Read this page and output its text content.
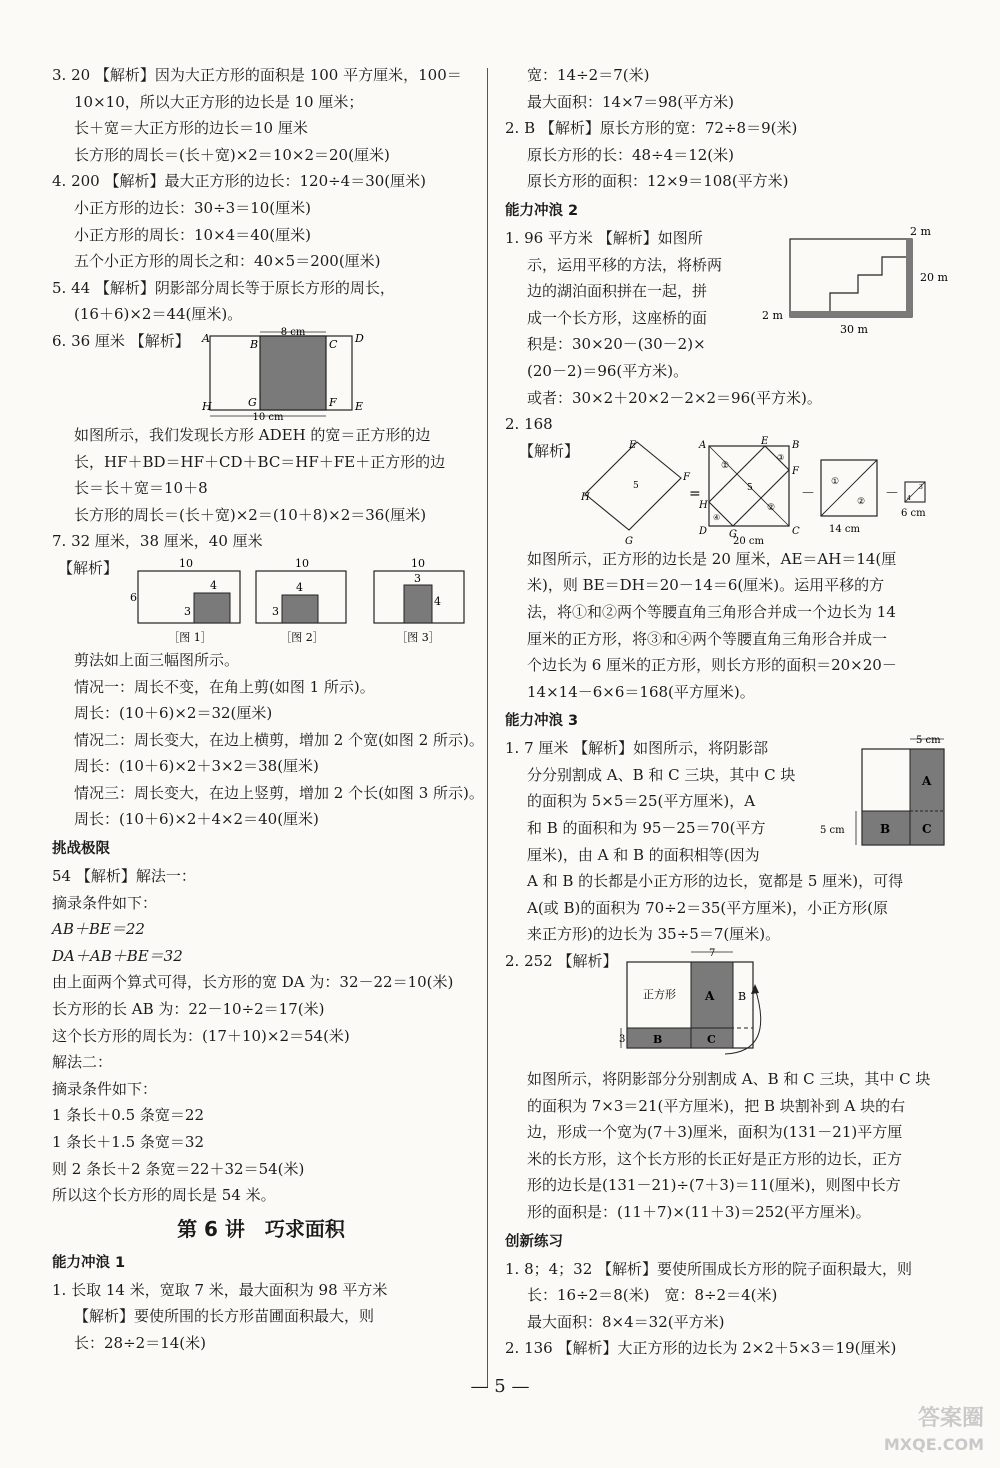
3. 20 【解析】因为大正方形的面积是 100 平方厘米，100＝
10×10，所以大正方形的边长是 10 厘米；
长＋宽＝大正方形的边长＝10 厘米
长方形的周长＝(长＋宽)×2＝10×2＝20(厘米)
4. 200 【解析】最大正方形的边长：120÷4＝30(厘米)
小正方形的边长：30÷3＝10(厘米)
小正方形的周长：10×4＝40(厘米)
五个小正方形的周长之和：40×5＝200(厘米)
5. 44 【解析】阴影部分周长等于原长方形的周长，
(16＋6)×2＝44(厘米)。
6. 36 厘米 【解析】	8 cm
10 cm
A	B	C D
H	G	F E
如图所示，我们发现长方形 ADEH 的宽＝正方形的边
长，HF＋BD＝HF＋CD＋BC＝HF＋FE＋正方形的边
长＝长＋宽＝10＋8
长方形的周长＝(长＋宽)×2＝(10＋8)×2＝36(厘米)
7. 32 厘米，38 厘米，40 厘米
【解析】	10
6
4
3
［图 1］
10
4
3
［图 2］
10
3
4
［图 3］
剪法如上面三幅图所示。
情况一：周长不变，在角上剪(如图 1 所示)。
周长：(10＋6)×2＝32(厘米)
情况二：周长变大，在边上横剪，增加 2 个宽(如图 2 所示)。
周长：(10＋6)×2＋3×2＝38(厘米)
情况三：周长变大，在边上竖剪，增加 2 个长(如图 3 所示)。
周长：(10＋6)×2＋4×2＝40(厘米)
挑战极限
54 【解析】解法一：
摘录条件如下：
AB＋BE＝22
DA＋AB＋BE＝32
由上面两个算式可得，长方形的宽 DA 为：32－22＝10(米)
长方形的长 AB 为：22－10÷2＝17(米)
这个长方形的周长为：(17＋10)×2＝54(米)
解法二：
摘录条件如下：
1 条长＋0.5 条宽＝22
1 条长＋1.5 条宽＝32
则 2 条长＋2 条宽＝22＋32＝54(米)
所以这个长方形的周长是 54 米。
第 6 讲　巧求面积
能力冲浪 1
1. 长取 14 米，宽取 7 米，最大面积为 98 平方米
【解析】要使所围的长方形苗圃面积最大，则
长：28÷2＝14(米)
宽：14÷2＝7(米)
最大面积：14×7＝98(平方米)
2. B 【解析】原长方形的宽：72÷8＝9(米)
原长方形的长：48÷4＝12(米)
原长方形的面积：12×9＝108(平方米)
能力冲浪 2
1. 96 平方米 【解析】如图所
示，运用平移的方法，将桥两
边的湖泊面积拼在一起，拼
成一个长方形，这座桥的面
积是：30×20－(30－2)×
(20－2)＝96(平方米)。
2 m
20 m
2 m
30 m
或者：30×2＋20×2－2×2＝96(平方米)。
2. 168
【解析】
5
E
F
H
G
=
①
②
③
④
5
A	E B
F
H
G
D	C
20 cm
－
①
②
14 cm
－	3
4
6 cm
如图所示，正方形的边长是 20 厘米，AE＝AH＝14(厘
米)，则 BE＝DH＝20－14＝6(厘米)。运用平移的方
法，将①和②两个等腰直角三角形合并成一个边长为 14
厘米的正方形，将③和④两个等腰直角三角形合并成一
个边长为 6 厘米的正方形，则长方形的面积＝20×20－
14×14－6×6＝168(平方厘米)。
能力冲浪 3
1. 7 厘米 【解析】如图所示，将阴影部
分分别割成 A、B 和 C 三块，其中 C 块
的面积为 5×5＝25(平方厘米)，A
和 B 的面积和为 95－25＝70(平方
厘米)，由 A 和 B 的面积相等(因为
5 cm
5 cm
A
B	C
A 和 B 的长都是小正方形的边长，宽都是 5 厘米)，可得
A(或 B)的面积为 70÷2＝35(平方厘米)，小正方形(原
来正方形)的边长为 35÷5＝7(厘米)。
2. 252 【解析】	7
3
正方形 A
B	C
B
如图所示，将阴影部分分别割成 A、B 和 C 三块，其中 C 块
的面积为 7×3＝21(平方厘米)，把 B 块割补到 A 块的右
边，形成一个宽为(7＋3)厘米，面积为(131－21)平方厘
米的长方形，这个长方形的长正好是正方形的边长，正方
形的边长是(131－21)÷(7＋3)＝11(厘米)，则图中长方
形的面积是：(11＋7)×(11＋3)＝252(平方厘米)。
创新练习
1. 8；4；32 【解析】要使所围成长方形的院子面积最大，则
长：16÷2＝8(米)　宽：8÷2＝4(米)
最大面积：8×4＝32(平方米)
2. 136 【解析】大正方形的边长为 2×2＋5×3＝19(厘米)
— 5 —
答案圈
MXQE.COM
